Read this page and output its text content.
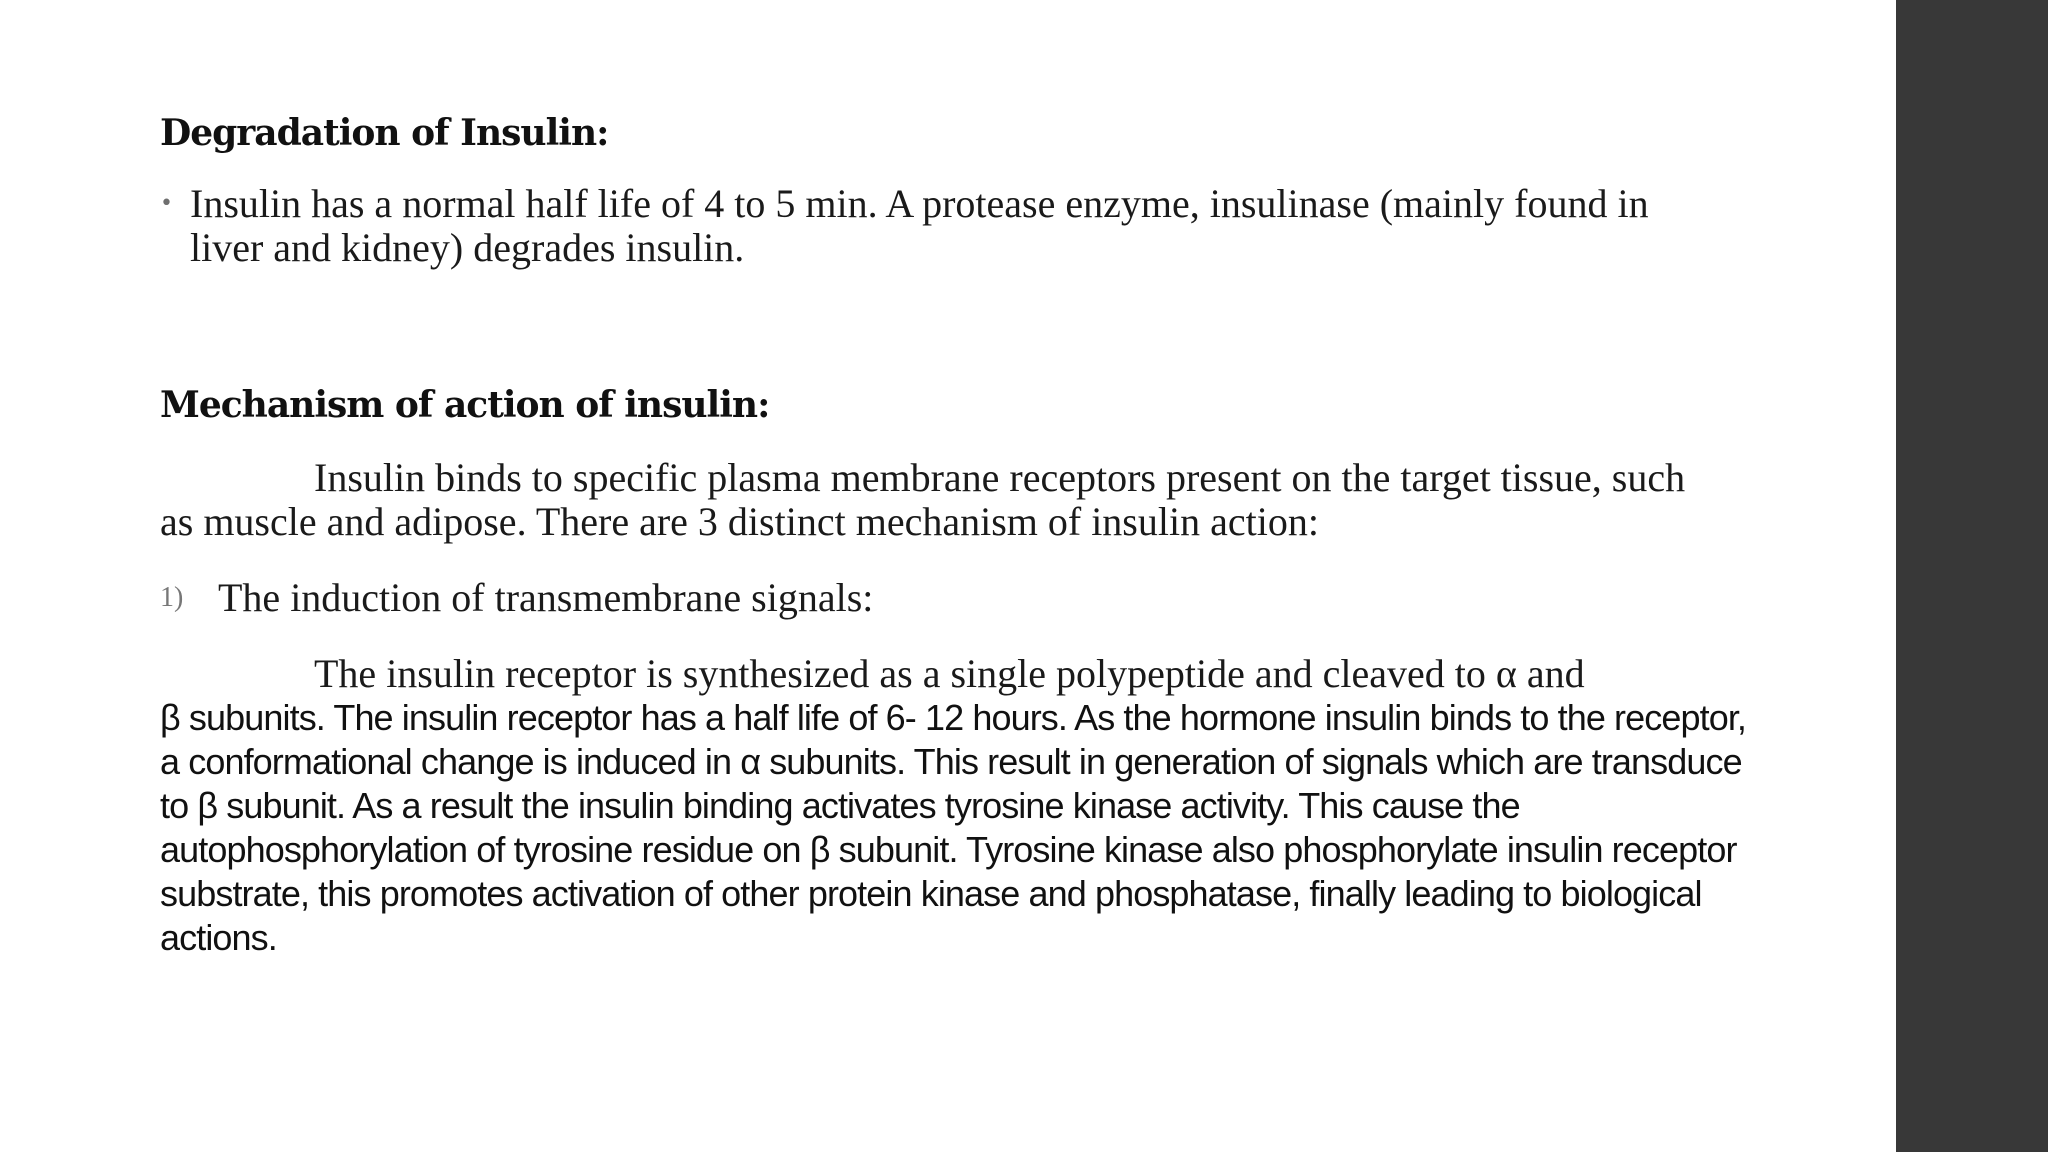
Degradation of Insulin:
• Insulin has a normal half life of 4 to 5 min. A protease enzyme, insulinase (mainly found in liver and kidney) degrades insulin.
Mechanism of action of insulin:
Insulin binds to specific plasma membrane receptors present on the target tissue, such as muscle and adipose. There are 3 distinct mechanism of insulin action:
1) The induction of transmembrane signals:
The insulin receptor is synthesized as a single polypeptide and cleaved to α and
β subunits. The insulin receptor has a half life of 6- 12 hours. As the hormone insulin binds to the receptor, a conformational change is induced in α subunits. This result in generation of signals which are transduce to β subunit. As a result the insulin binding activates tyrosine kinase activity. This cause the autophosphorylation of tyrosine residue on β subunit. Tyrosine kinase also phosphorylate insulin receptor substrate, this promotes activation of other protein kinase and phosphatase, finally leading to biological actions.
